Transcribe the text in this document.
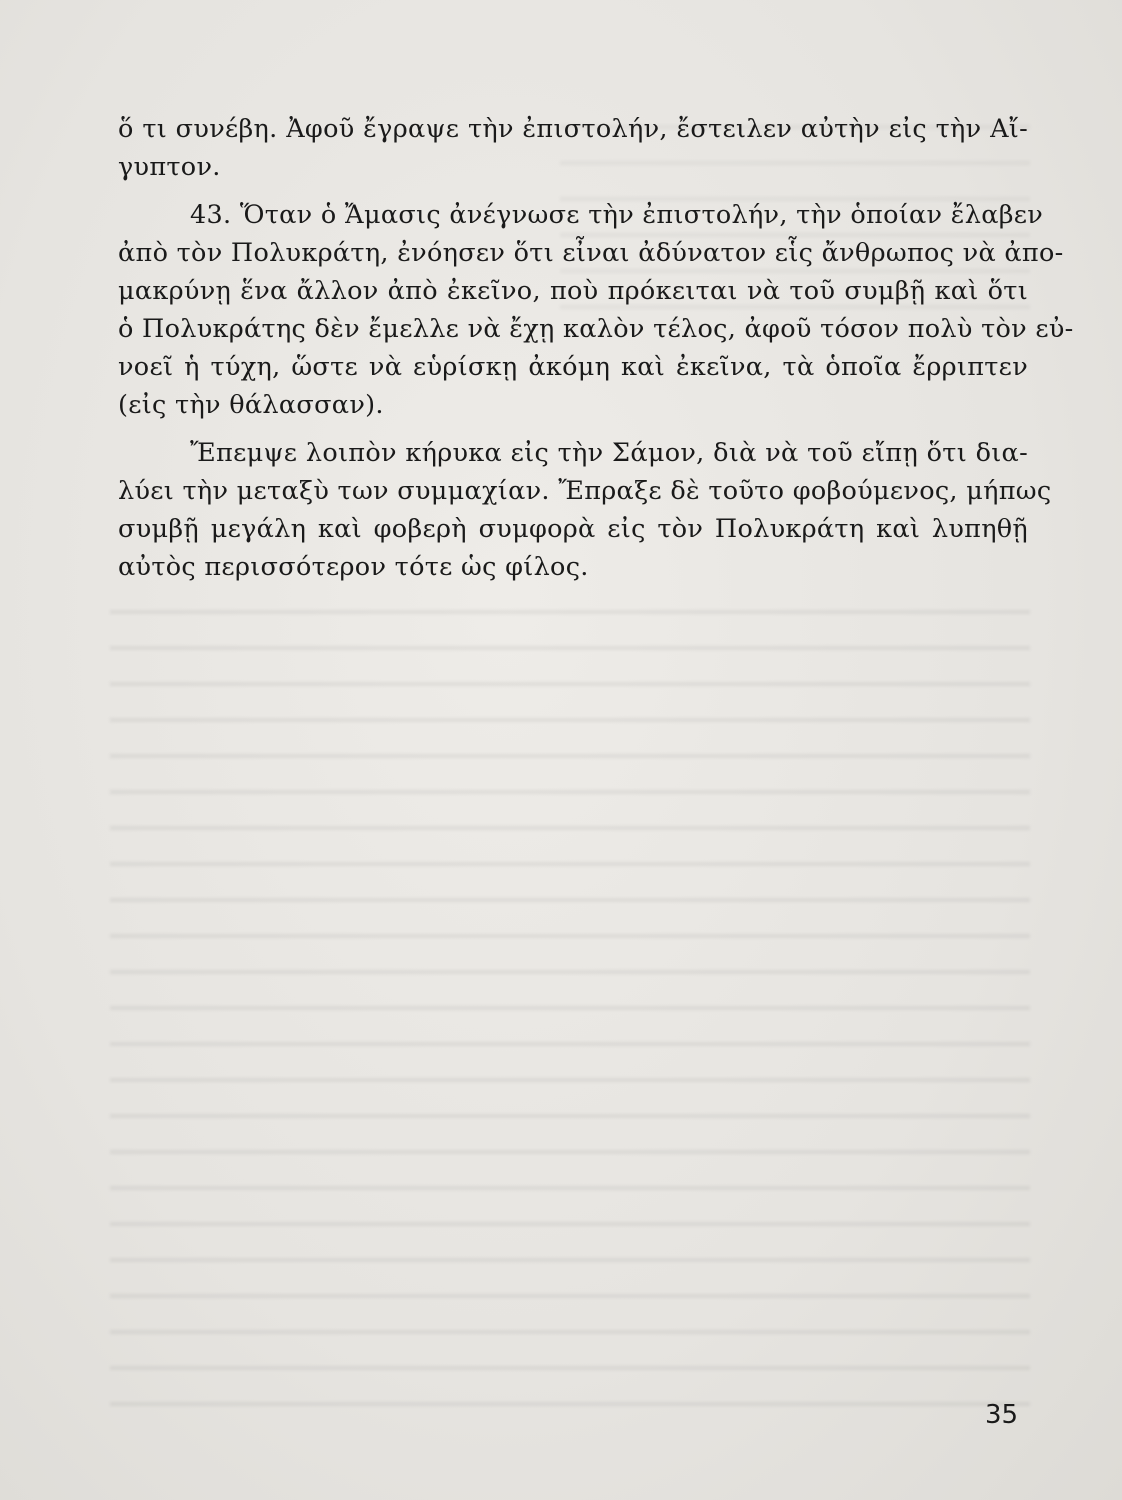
ὅ τι συνέβη. Ἀφοῦ ἔγραψε τὴν ἐπιστολήν, ἔστειλεν αὐτὴν εἰς τὴν Αἴ-
γυπτον.
43. Ὅταν ὁ Ἄμασις ἀνέγνωσε τὴν ἐπιστολήν, τὴν ὁποίαν ἔλαβεν
ἀπὸ τὸν Πολυκράτη, ἐνόησεν ὅτι εἶναι ἀδύνατον εἷς ἄνθρωπος νὰ ἀπο-
μακρύνῃ ἕνα ἄλλον ἀπὸ ἐκεῖνο, ποὺ πρόκειται νὰ τοῦ συμβῇ καὶ ὅτι
ὁ Πολυκράτης δὲν ἔμελλε νὰ ἔχῃ καλὸν τέλος, ἀφοῦ τόσον πολὺ τὸν εὐ-
νοεῖ ἡ τύχη, ὥστε νὰ εὑρίσκῃ ἀκόμη καὶ ἐκεῖνα, τὰ ὁποῖα ἔρριπτεν
(εἰς τὴν θάλασσαν).
Ἔπεμψε λοιπὸν κήρυκα εἰς τὴν Σάμον, διὰ νὰ τοῦ εἴπῃ ὅτι δια-
λύει τὴν μεταξὺ των συμμαχίαν. Ἔπραξε δὲ τοῦτο φοβούμενος, μήπως
συμβῇ μεγάλη καὶ φοβερὴ συμφορὰ εἰς τὸν Πολυκράτη καὶ λυπηθῇ
αὐτὸς περισσότερον τότε ὡς φίλος.
35
